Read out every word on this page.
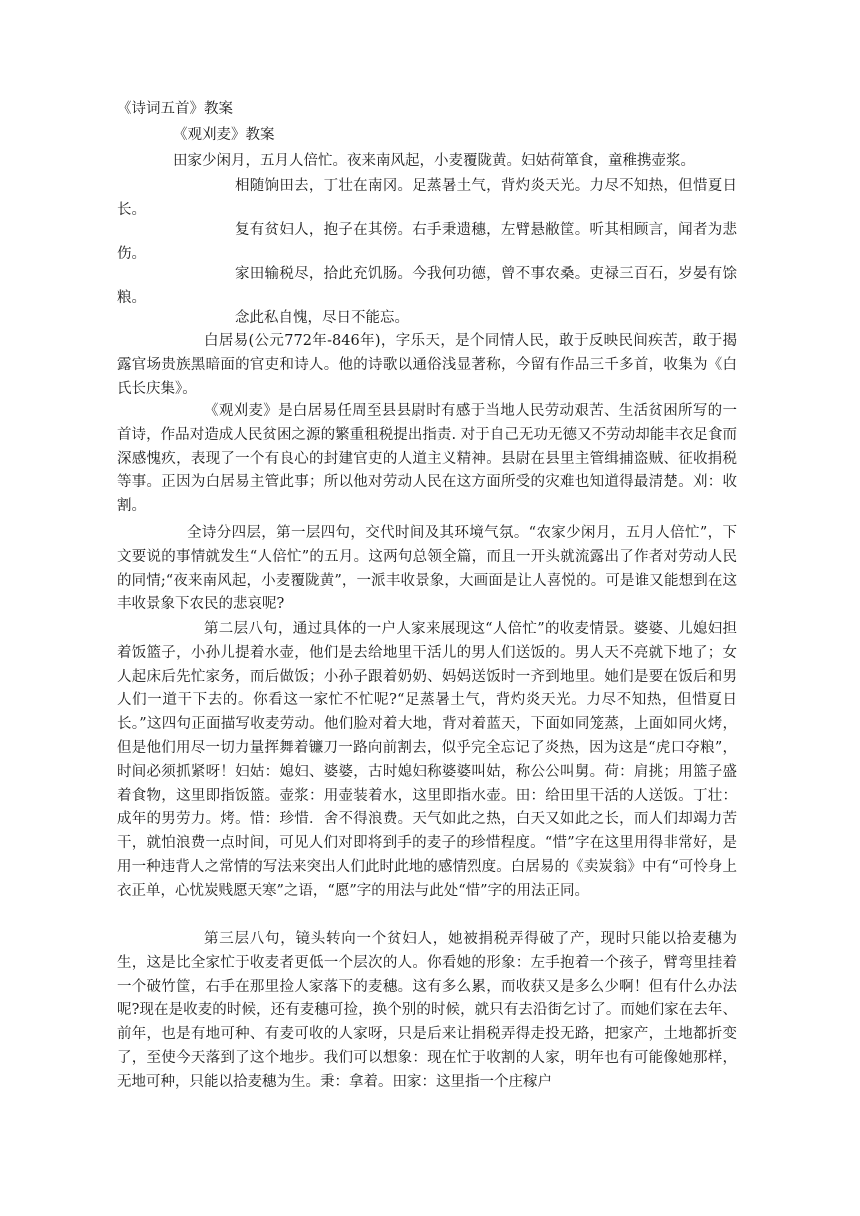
《诗词五首》教案
《观刈麦》教案
田家少闲月，五月人倍忙。夜来南风起，小麦覆陇黄。妇姑荷箪食，童稚携壶浆。
相随饷田去，丁壮在南冈。足蒸暑土气，背灼炎天光。力尽不知热，但惜夏日长。
复有贫妇人，抱子在其傍。右手秉遗穗，左臂悬敝筐。听其相顾言，闻者为悲伤。
家田输税尽，拾此充饥肠。今我何功德，曾不事农桑。吏禄三百石，岁晏有馀粮。
念此私自愧，尽日不能忘。
白居易(公元772年-846年)，字乐天，是个同情人民，敢于反映民间疾苦，敢于揭露官场贵族黑暗面的官吏和诗人。他的诗歌以通俗浅显著称，今留有作品三千多首，收集为《白氏长庆集》。
《观刈麦》是白居易任周至县县尉时有感于当地人民劳动艰苦、生活贫困所写的一首诗，作品对造成人民贫困之源的繁重租税提出指责. 对于自己无功无德又不劳动却能丰衣足食而深感愧疚，表现了一个有良心的封建官吏的人道主义精神。县尉在县里主管缉捕盗贼、征收捐税等事。正因为白居易主管此事；所以他对劳动人民在这方面所受的灾难也知道得最清楚。刈：收割。
全诗分四层，第一层四句，交代时间及其环境气氛。“农家少闲月，五月人倍忙”，下文要说的事情就发生“人倍忙”的五月。这两句总领全篇，而且一开头就流露出了作者对劳动人民的同情;“夜来南风起，小麦覆陇黄”，一派丰收景象，大画面是让人喜悦的。可是谁又能想到在这丰收景象下农民的悲哀呢?
第二层八句，通过具体的一户人家来展现这“人倍忙”的收麦情景。婆婆、儿媳妇担着饭篮子，小孙儿提着水壶，他们是去给地里干活儿的男人们送饭的。男人天不亮就下地了；女人起床后先忙家务，而后做饭；小孙子跟着奶奶、妈妈送饭时一齐到地里。她们是要在饭后和男人们一道干下去的。你看这一家忙不忙呢?“足蒸暑土气，背灼炎天光。力尽不知热，但惜夏日长。”这四句正面描写收麦劳动。他们脸对着大地，背对着蓝天，下面如同笼蒸，上面如同火烤，但是他们用尽一切力量挥舞着镰刀一路向前割去，似乎完全忘记了炎热，因为这是“虎口夺粮”，时间必须抓紧呀！妇姑：媳妇、婆婆，古时媳妇称婆婆叫姑，称公公叫舅。荷：肩挑；用篮子盛着食物，这里即指饭篮。壶浆：用壶装着水，这里即指水壶。田：给田里干活的人送饭。丁壮：成年的男劳力。烤。惜：珍惜．舍不得浪费。天气如此之热，白天又如此之长，而人们却竭力苦干，就怕浪费一点时间，可见人们对即将到手的麦子的珍惜程度。“惜”字在这里用得非常好，是用一种违背人之常情的写法来突出人们此时此地的感情烈度。白居易的《卖炭翁》中有“可怜身上衣正单，心忧炭贱愿天寒”之语，“愿”字的用法与此处“惜”字的用法正同。
第三层八句，镜头转向一个贫妇人，她被捐税弄得破了产，现时只能以拾麦穗为生，这是比全家忙于收麦者更低一个层次的人。你看她的形象：左手抱着一个孩子，臂弯里挂着一个破竹筐，右手在那里捡人家落下的麦穗。这有多么累，而收获又是多么少啊！但有什么办法呢?现在是收麦的时候，还有麦穗可捡，换个别的时候，就只有去沿街乞讨了。而她们家在去年、前年，也是有地可种、有麦可收的人家呀，只是后来让捐税弄得走投无路，把家产，土地都折变了，至使今天落到了这个地步。我们可以想象：现在忙于收割的人家，明年也有可能像她那样，无地可种，只能以拾麦穗为生。秉：拿着。田家：这里指一个庄稼户
